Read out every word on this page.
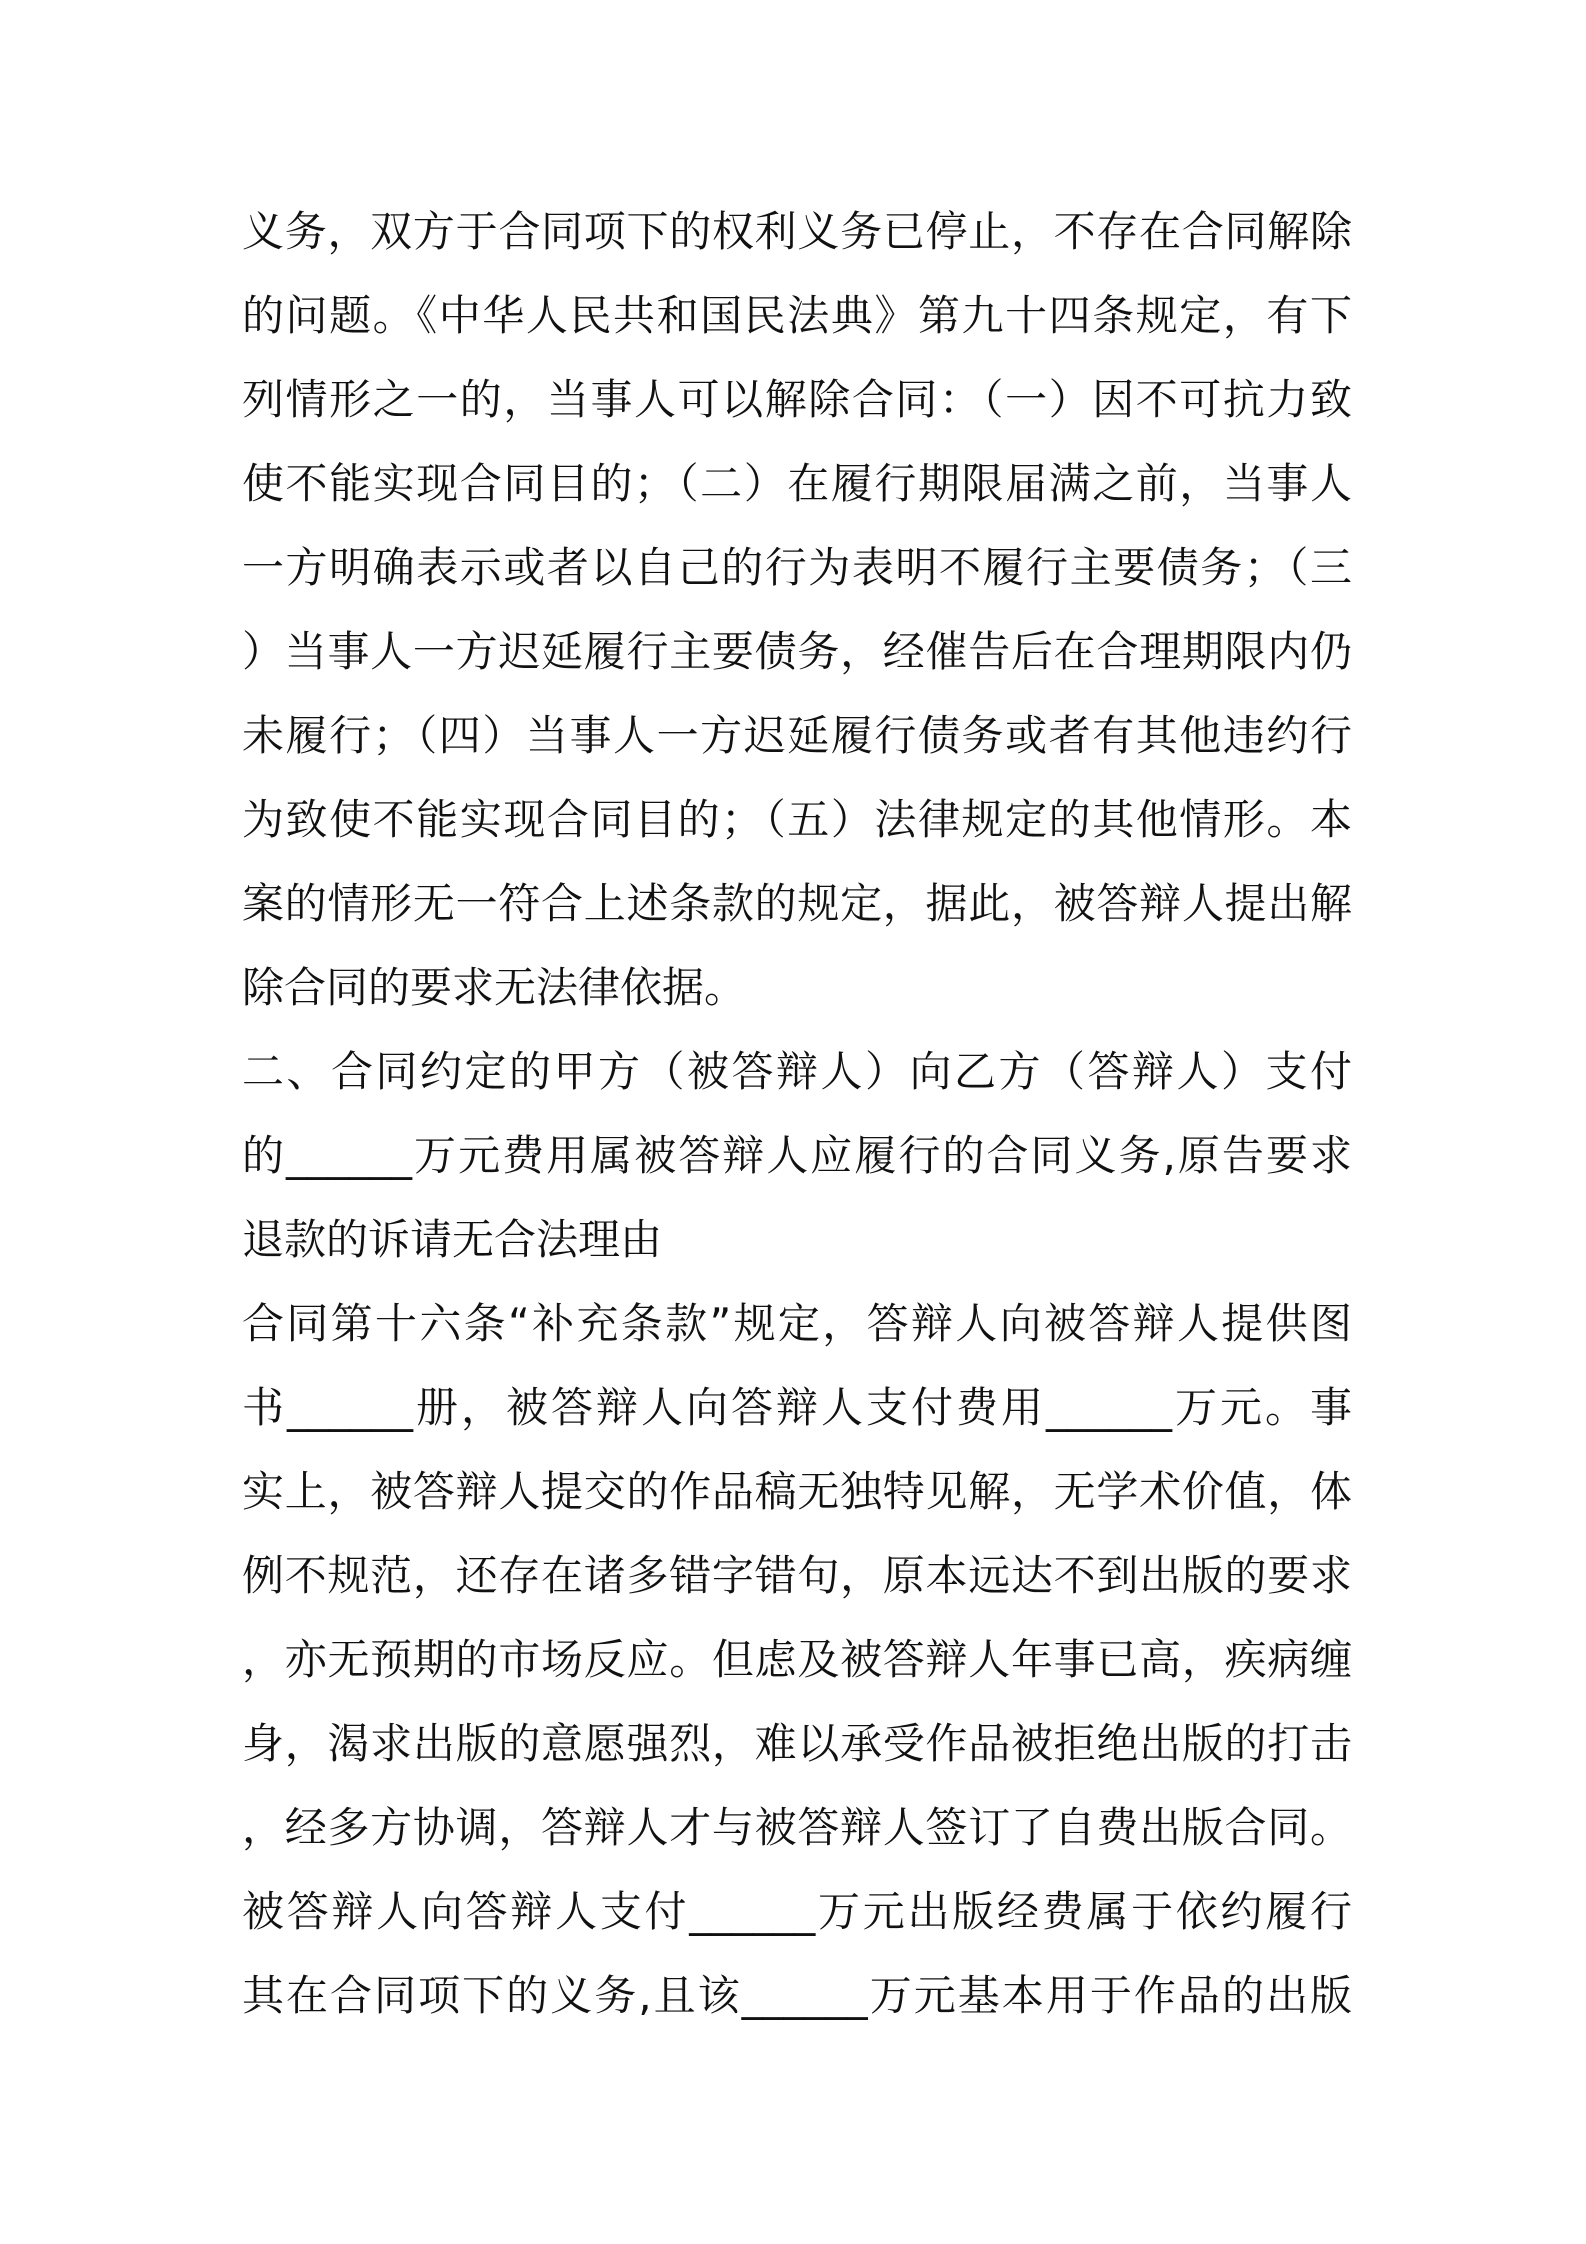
义务，双方于合同项下的权利义务已停止，不存在合同解除
的问题。《中华人民共和国民法典》第九十四条规定，有下
列情形之一的，当事人可以解除合同：（一）因不可抗力致
使不能实现合同目的；（二）在履行期限届满之前，当事人
一方明确表示或者以自己的行为表明不履行主要债务；（三
）当事人一方迟延履行主要债务，经催告后在合理期限内仍
未履行；（四）当事人一方迟延履行债务或者有其他违约行
为致使不能实现合同目的；（五）法律规定的其他情形。本
案的情形无一符合上述条款的规定，据此，被答辩人提出解
除合同的要求无法律依据。
二、合同约定的甲方（被答辩人）向乙方（答辩人）支付
的______万元费用属被答辩人应履行的合同义务,原告要求
退款的诉请无合法理由
合同第十六条“补充条款”规定，答辩人向被答辩人提供图
书______册，被答辩人向答辩人支付费用______万元。事
实上，被答辩人提交的作品稿无独特见解，无学术价值，体
例不规范，还存在诸多错字错句，原本远达不到出版的要求
，亦无预期的市场反应。但虑及被答辩人年事已高，疾病缠
身，渴求出版的意愿强烈，难以承受作品被拒绝出版的打击
，经多方协调，答辩人才与被答辩人签订了自费出版合同。
被答辩人向答辩人支付______万元出版经费属于依约履行
其在合同项下的义务,且该______万元基本用于作品的出版
